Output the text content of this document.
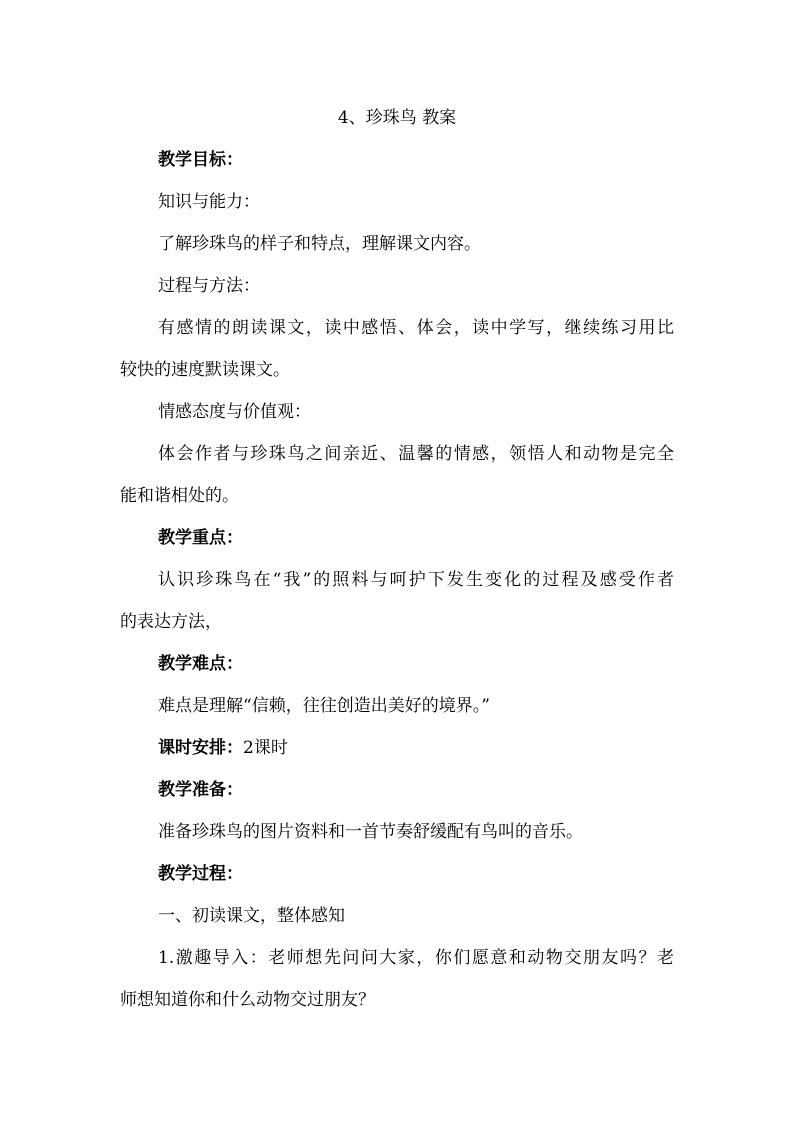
4、珍珠鸟 教案
教学目标：
知识与能力：
了解珍珠鸟的样子和特点，理解课文内容。
过程与方法：
有感情的朗读课文，读中感悟、体会，读中学写，继续练习用比
较快的速度默读课文。
情感态度与价值观：
体会作者与珍珠鸟之间亲近、温馨的情感，领悟人和动物是完全
能和谐相处的。
教学重点：
认识珍珠鸟在“我”的照料与呵护下发生变化的过程及感受作者
的表达方法，
教学难点：
难点是理解“信赖，往往创造出美好的境界。”
课时安排：2课时
教学准备：
准备珍珠鸟的图片资料和一首节奏舒缓配有鸟叫的音乐。
教学过程：
一、初读课文，整体感知
1.激趣导入：老师想先问问大家，你们愿意和动物交朋友吗？老
师想知道你和什么动物交过朋友？
